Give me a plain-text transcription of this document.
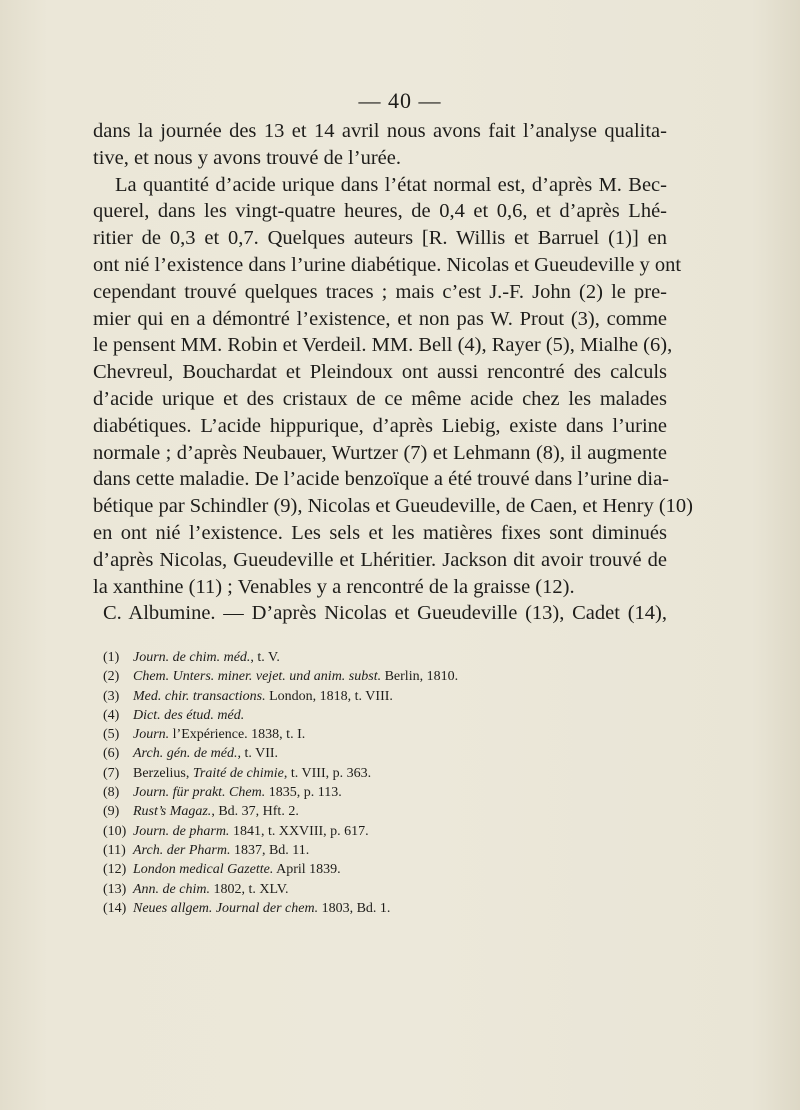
— 40 —
dans la journée des 13 et 14 avril nous avons fait l’analyse qualita-
tive, et nous y avons trouvé de l’urée.
La quantité d’acide urique dans l’état normal est, d’après M. Bec-
querel, dans les vingt-quatre heures, de 0,4 et 0,6, et d’après Lhé-
ritier de 0,3 et 0,7. Quelques auteurs [R. Willis et Barruel (1)] en
ont nié l’existence dans l’urine diabétique. Nicolas et Gueudeville y ont
cependant trouvé quelques traces ; mais c’est J.-F. John (2) le pre-
mier qui en a démontré l’existence, et non pas W. Prout (3), comme
le pensent MM. Robin et Verdeil. MM. Bell (4), Rayer (5), Mialhe (6),
Chevreul, Bouchardat et Pleindoux ont aussi rencontré des calculs
d’acide urique et des cristaux de ce même acide chez les malades
diabétiques. L’acide hippurique, d’après Liebig, existe dans l’urine
normale ; d’après Neubauer, Wurtzer (7) et Lehmann (8), il augmente
dans cette maladie. De l’acide benzoïque a été trouvé dans l’urine dia-
bétique par Schindler (9), Nicolas et Gueudeville, de Caen, et Henry (10)
en ont nié l’existence. Les sels et les matières fixes sont diminués
d’après Nicolas, Gueudeville et Lhéritier. Jackson dit avoir trouvé de
la xanthine (11) ; Venables y a rencontré de la graisse (12).
C. Albumine. — D’après Nicolas et Gueudeville (13), Cadet (14),
(1) Journ. de chim. méd., t. V.
(2) Chem. Unters. miner. vejet. und anim. subst. Berlin, 1810.
(3) Med. chir. transactions. London, 1818, t. VIII.
(4) Dict. des étud. méd.
(5) Journ. l’Expérience. 1838, t. I.
(6) Arch. gén. de méd., t. VII.
(7) Berzelius, Traité de chimie, t. VIII, p. 363.
(8) Journ. für prakt. Chem. 1835, p. 113.
(9) Rust’s Magaz., Bd. 37, Hft. 2.
(10) Journ. de pharm. 1841, t. XXVIII, p. 617.
(11) Arch. der Pharm. 1837, Bd. 11.
(12) London medical Gazette. April 1839.
(13) Ann. de chim. 1802, t. XLV.
(14) Neues allgem. Journal der chem. 1803, Bd. 1.
